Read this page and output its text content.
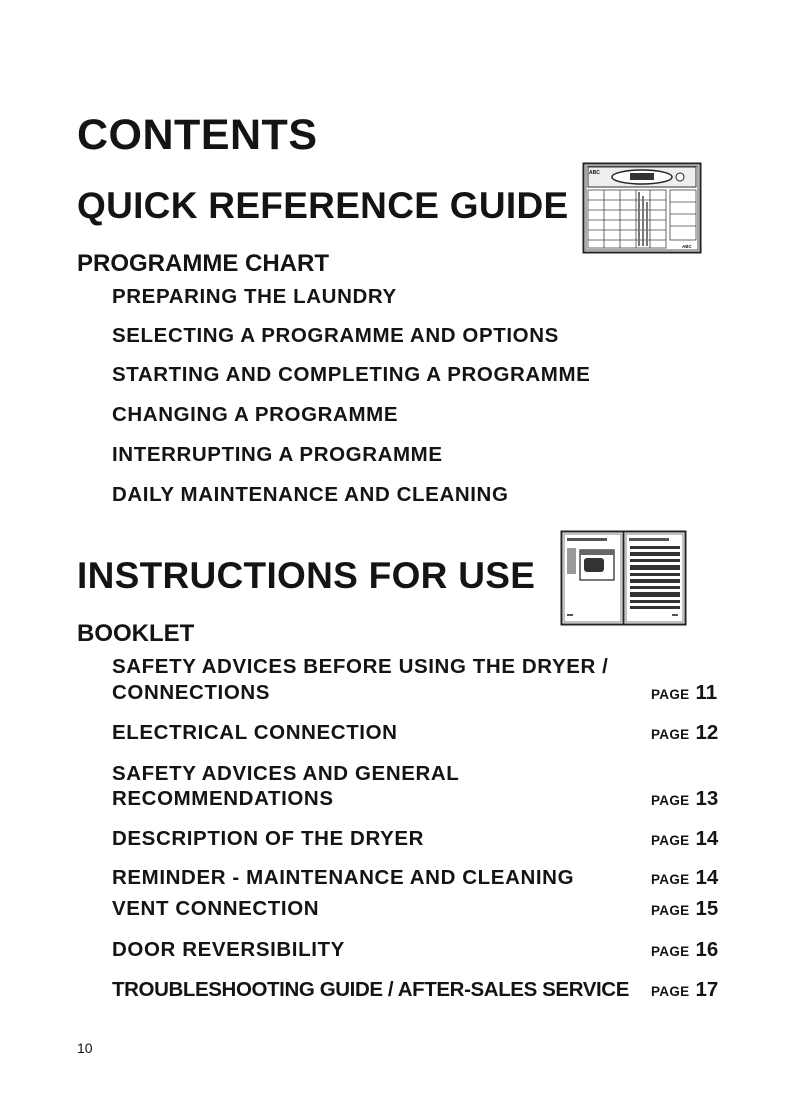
CONTENTS
QUICK REFERENCE GUIDE
ABC
ABC
PROGRAMME CHART
PREPARING THE LAUNDRY
SELECTING A PROGRAMME AND OPTIONS
STARTING AND COMPLETING A PROGRAMME
CHANGING A PROGRAMME
INTERRUPTING A PROGRAMME
DAILY MAINTENANCE AND CLEANING
INSTRUCTIONS FOR USE
BOOKLET
SAFETY ADVICES BEFORE USING THE DRYER /
CONNECTIONS	PAGE 11
ELECTRICAL CONNECTION	PAGE 12
SAFETY ADVICES AND GENERAL
RECOMMENDATIONS	PAGE 13
DESCRIPTION OF THE DRYER	PAGE 14
REMINDER - MAINTENANCE AND CLEANING	PAGE 14
VENT CONNECTION	PAGE 15
DOOR REVERSIBILITY	PAGE 16
TROUBLESHOOTING GUIDE / AFTER-SALES SERVICE PAGE 17
10
